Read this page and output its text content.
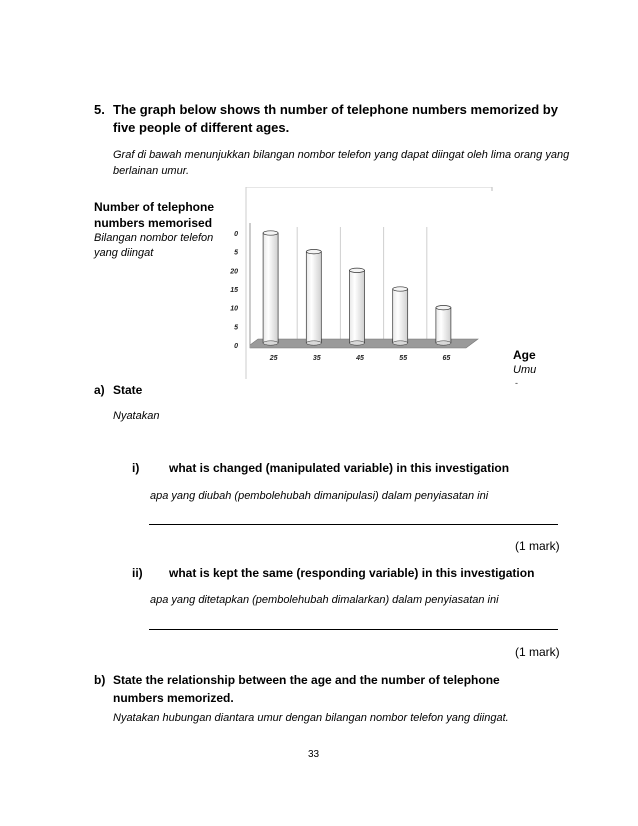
5. The graph below shows th number of telephone numbers memorized by five people of different ages.
Graf di bawah menunjukkan bilangan nombor telefon yang dapat diingat oleh lima orang yang berlainan umur.
Number of telephone numbers memorised
Bilangan nombor telefon yang diingat
0
5
10
15
20
5
0
25	35	45	55	65	Age
Umu
-
a) State
Nyatakan
i) what is changed (manipulated variable) in this investigation
apa yang diubah (pembolehubah dimanipulasi) dalam penyiasatan ini
(1 mark)
ii) what is kept the same (responding variable) in this investigation
apa yang ditetapkan (pembolehubah dimalarkan) dalam penyiasatan ini
(1 mark)
b) State the relationship between the age and the number of telephone numbers memorized.
Nyatakan hubungan diantara umur dengan bilangan nombor telefon yang diingat.
33
